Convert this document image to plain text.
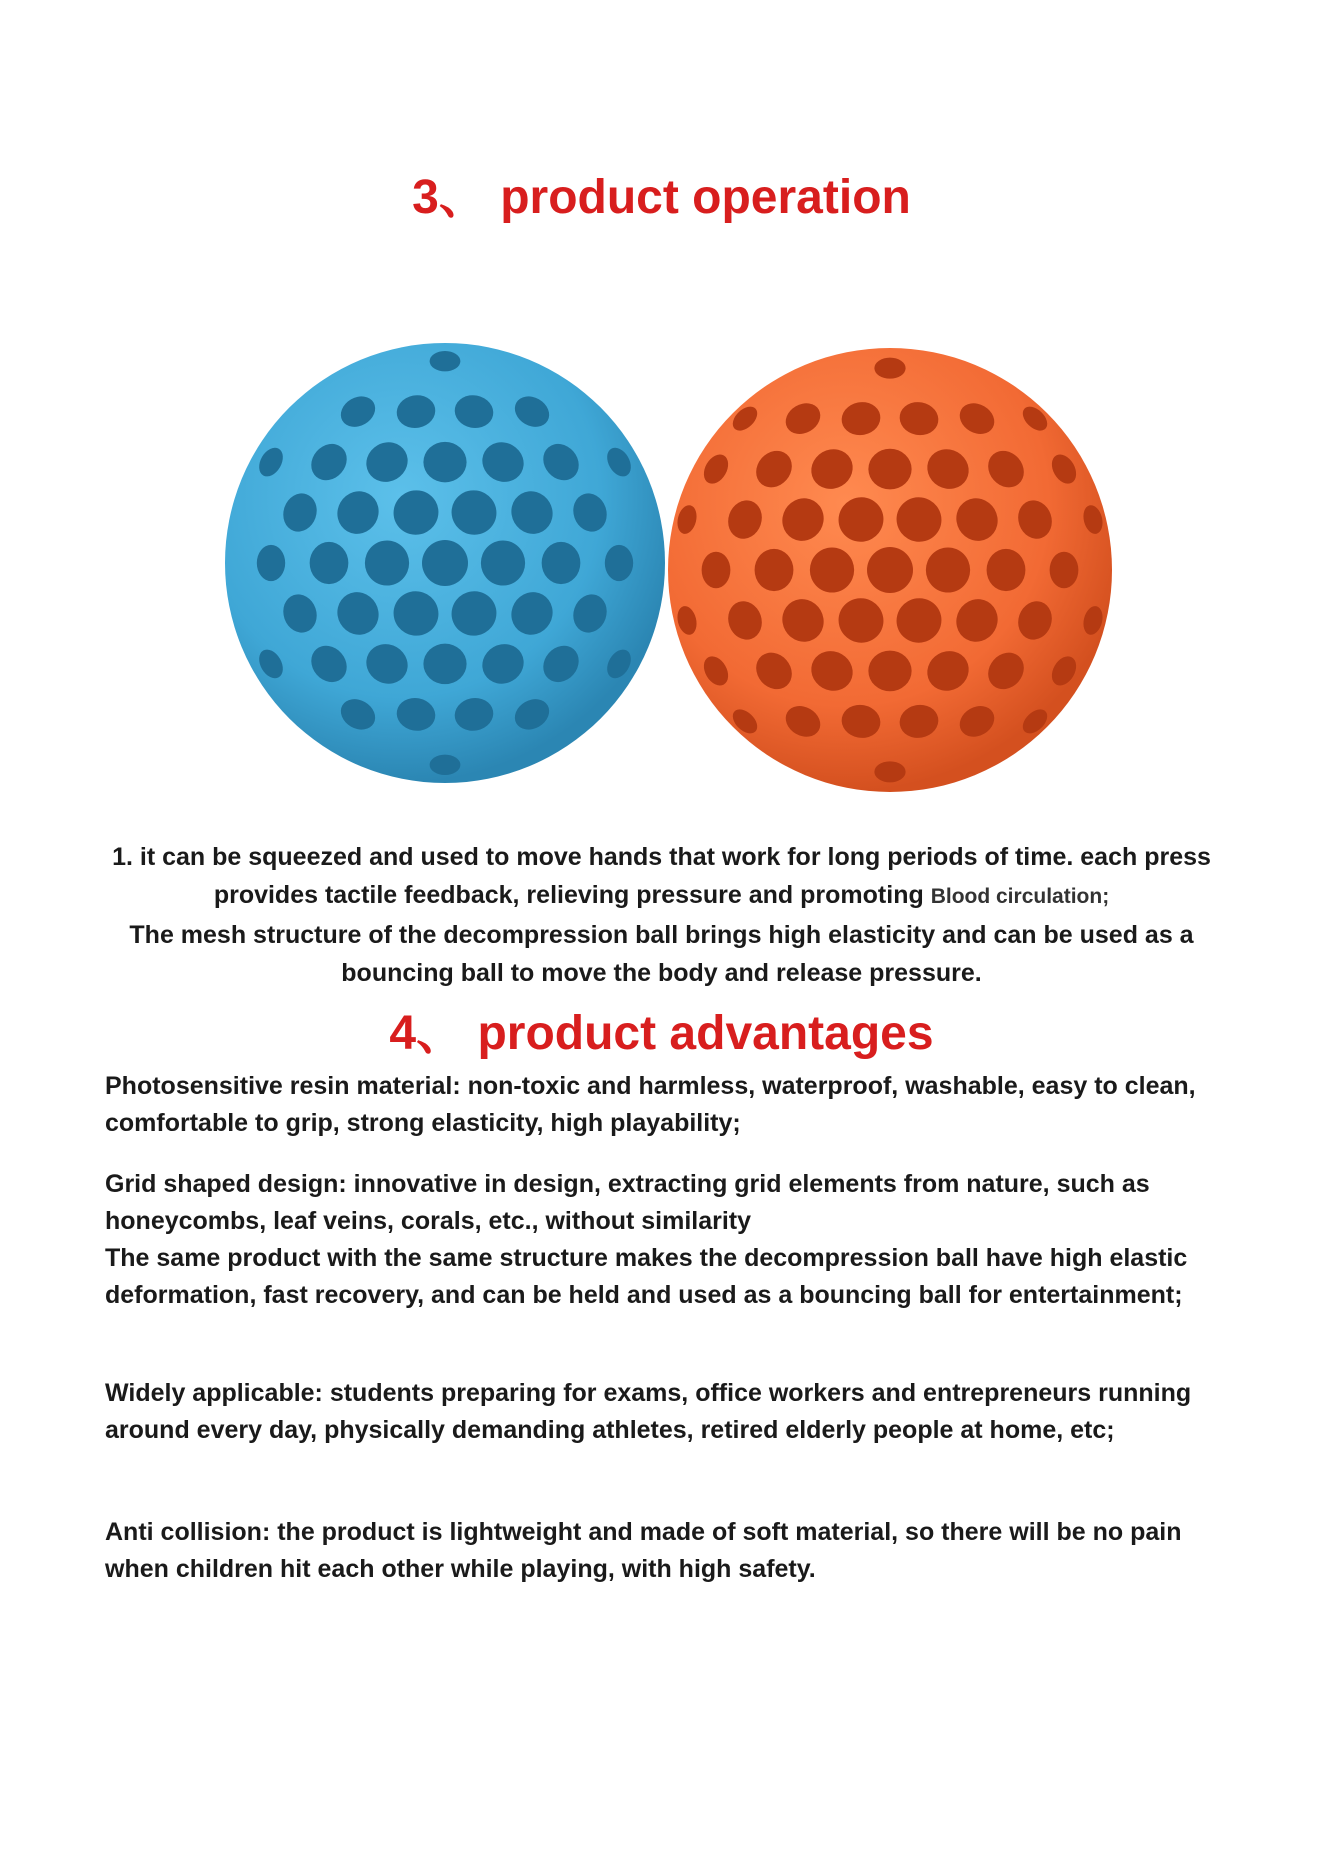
3、 product operation

1. it can be squeezed and used to move hands that work for long periods of time. each press provides tactile feedback, relieving pressure and promoting Blood circulation;

The mesh structure of the decompression ball brings high elasticity and can be used as a bouncing ball to move the body and release pressure.

4、 product advantages

Photosensitive resin material: non-toxic and harmless, waterproof, washable, easy to clean, comfortable to grip, strong elasticity, high playability;

Grid shaped design: innovative in design, extracting grid elements from nature, such as honeycombs, leaf veins, corals, etc., without similarity

The same product with the same structure makes the decompression ball have high elastic deformation, fast recovery, and can be held and used as a bouncing ball for entertainment;

Widely applicable: students preparing for exams, office workers and entrepreneurs running around every day, physically demanding athletes, retired elderly people at home, etc;

Anti collision: the product is lightweight and made of soft material, so there will be no pain when children hit each other while playing, with high safety.
